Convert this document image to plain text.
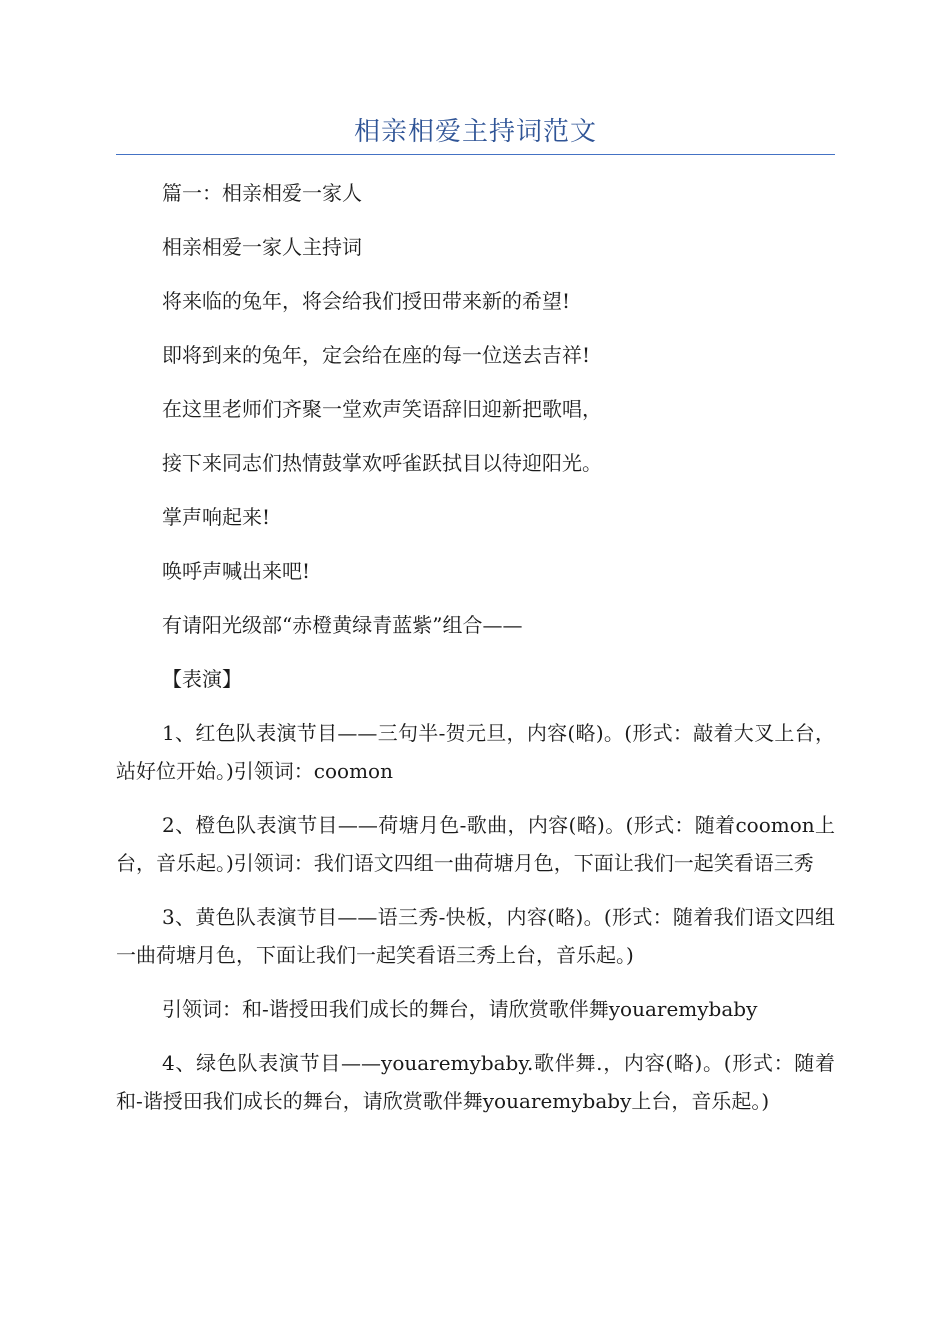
相亲相爱主持词范文

篇一：相亲相爱一家人

相亲相爱一家人主持词

将来临的兔年，将会给我们授田带来新的希望!

即将到来的兔年，定会给在座的每一位送去吉祥!

在这里老师们齐聚一堂欢声笑语辞旧迎新把歌唱，

接下来同志们热情鼓掌欢呼雀跃拭目以待迎阳光。

掌声响起来!

唤呼声喊出来吧!

有请阳光级部“赤橙黄绿青蓝紫”组合——

【表演】

1、红色队表演节目——三句半-贺元旦，内容(略)。(形式：敲着大叉上台，站好位开始。)引领词：coomon

2、橙色队表演节目——荷塘月色-歌曲，内容(略)。(形式：随着coomon上台，音乐起。)引领词：我们语文四组一曲荷塘月色，下面让我们一起笑看语三秀

3、黄色队表演节目——语三秀-快板，内容(略)。(形式：随着我们语文四组一曲荷塘月色，下面让我们一起笑看语三秀上台，音乐起。)

引领词：和-谐授田我们成长的舞台，请欣赏歌伴舞youaremybaby

4、绿色队表演节目——youaremybaby.歌伴舞.，内容(略)。(形式：随着和-谐授田我们成长的舞台，请欣赏歌伴舞youaremybaby上台，音乐起。)
